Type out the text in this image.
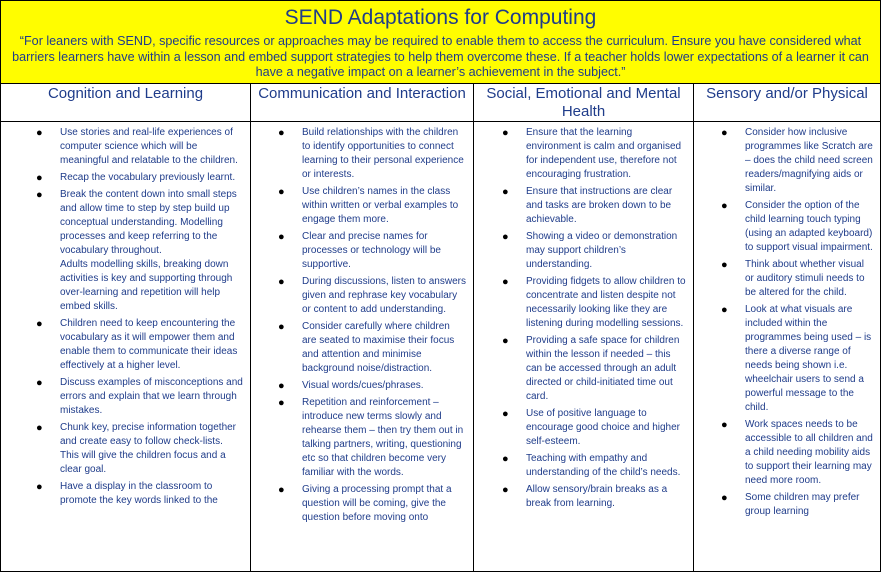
SEND Adaptations for Computing
“For leaners with SEND, specific resources or approaches may be required to enable them to access the curriculum. Ensure you have considered what barriers learners have within a lesson and embed support strategies to help them overcome these. If a teacher holds lower expectations of a learner it can have a negative impact on a learner’s achievement in the subject.”
Cognition and Learning
● Use stories and real-life experiences of computer science which will be meaningful and relatable to the children.
● Recap the vocabulary previously learnt.
● Break the content down into small steps and allow time to step by step build up conceptual understanding. Modelling processes and keep referring to the vocabulary throughout.
Adults modelling skills, breaking down activities is key and supporting through over-learning and repetition will help embed skills.
● Children need to keep encountering the vocabulary as it will empower them and enable them to communicate their ideas effectively at a higher level.
● Discuss examples of misconceptions and errors and explain that we learn through mistakes.
● Chunk key, precise information together and create easy to follow check-lists. This will give the children focus and a clear goal.
● Have a display in the classroom to promote the key words linked to the
Communication and Interaction
● Build relationships with the children to identify opportunities to connect learning to their personal experience or interests.
● Use children’s names in the class within written or verbal examples to engage them more.
● Clear and precise names for processes or technology will be supportive.
● During discussions, listen to answers given and rephrase key vocabulary or content to add understanding.
● Consider carefully where children are seated to maximise their focus and attention and minimise background noise/distraction.
● Visual words/cues/phrases.
● Repetition and reinforcement – introduce new terms slowly and rehearse them – then try them out in talking partners, writing, questioning etc so that children become very familiar with the words.
● Giving a processing prompt that a question will be coming, give the question before moving onto
Social, Emotional and Mental Health
● Ensure that the learning environment is calm and organised for independent use, therefore not encouraging frustration.
● Ensure that instructions are clear and tasks are broken down to be achievable.
● Showing a video or demonstration may support children’s understanding.
● Providing fidgets to allow children to concentrate and listen despite not necessarily looking like they are listening during modelling sessions.
● Providing a safe space for children within the lesson if needed – this can be accessed through an adult directed or child-initiated time out card.
● Use of positive language to encourage good choice and higher self-esteem.
● Teaching with empathy and understanding of the child’s needs.
● Allow sensory/brain breaks as a break from learning.
Sensory and/or Physical
● Consider how inclusive programmes like Scratch are – does the child need screen readers/magnifying aids or similar.
● Consider the option of the child learning touch typing (using an adapted keyboard) to support visual impairment.
● Think about whether visual or auditory stimuli needs to be altered for the child.
● Look at what visuals are included within the programmes being used – is there a diverse range of needs being shown i.e. wheelchair users to send a powerful message to the child.
● Work spaces needs to be accessible to all children and a child needing mobility aids to support their learning may need more room.
● Some children may prefer group learning
